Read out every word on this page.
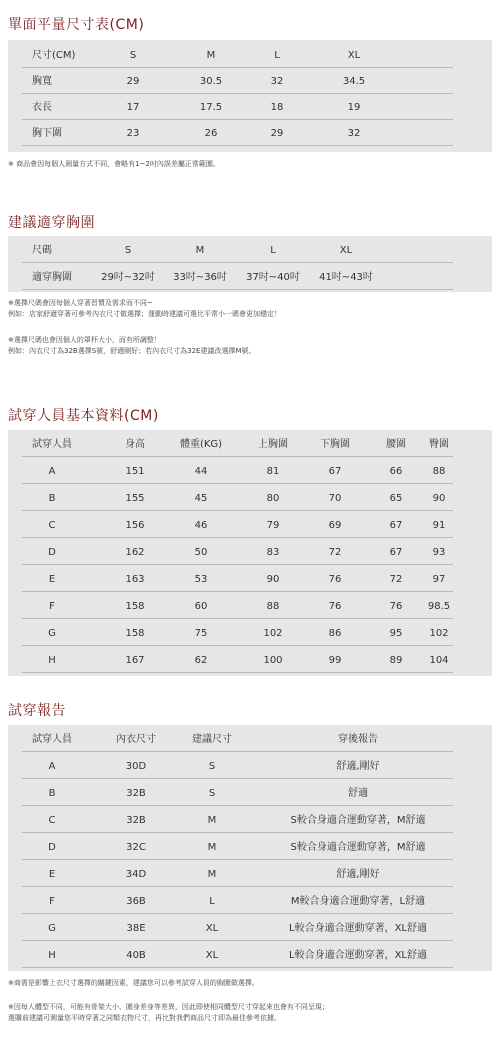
單面平量尺寸表(CM)
尺寸(CM)	S	M	L	XL
胸寬	29	30.5	32	34.5
衣長	17	17.5	18	19
胸下圍	23	26	29	32
※ 商品會因每個人測量方式不同，會略有1~2吋內誤差屬正常範圍。
建議適穿胸圍
尺碼	S	M	L	XL
適穿胸圍	29吋~32吋 33吋~36吋 37吋~40吋 41吋~43吋
※選擇尺碼會因每個人穿著習慣及需求而不同~
例如：店家舒適穿著可參考內衣尺寸做選擇；運動時建議可選比平常小一碼會更加穩定！
※選擇尺碼也會因個人的罩杯大小，而有所調整！
例如：內衣尺寸為32B選擇S號，舒適剛好；若內衣尺寸為32E建議改選擇M號。
試穿人員基本資料(CM)
試穿人員	身高	體重(KG)	上胸圍	下胸圍	腰圍 臀圍
A	151	44	81	67	66	88
B	155	45	80	70	65	90
C	156	46	79	69	67	91
D	162	50	83	72	67	93
E	163	53	90	76	72	97
F	158	60	88	76	76	98.5
G	158	75	102	86	95	102
H	167	62	100	99	89	104
試穿報告
試穿人員	內衣尺寸	建議尺寸	穿後報告
A	30D	S	舒適,剛好
B	32B	S	舒適
C	32B	M	S較合身適合運動穿著，M舒適
D	32C	M	S較合身適合運動穿著，M舒適
E	34D	M	舒適,剛好
F	36B	L	M較合身適合運動穿著，L舒適
G	38E	XL	L較合身適合運動穿著，XL舒適
H	40B	XL	L較合身適合運動穿著，XL舒適
※商需是影響上衣尺寸選擇的關鍵因素，建議您可以參考試穿人員的胸圍做選擇。
※因每人體型不同，可能有骨架大小、圍身差身等差異，因此即使相同體型尺寸穿起來也會有不同呈現；
選購前建議可測量您平時穿著之同類衣物尺寸，再比對我們商品尺寸即為最佳參考依據。
